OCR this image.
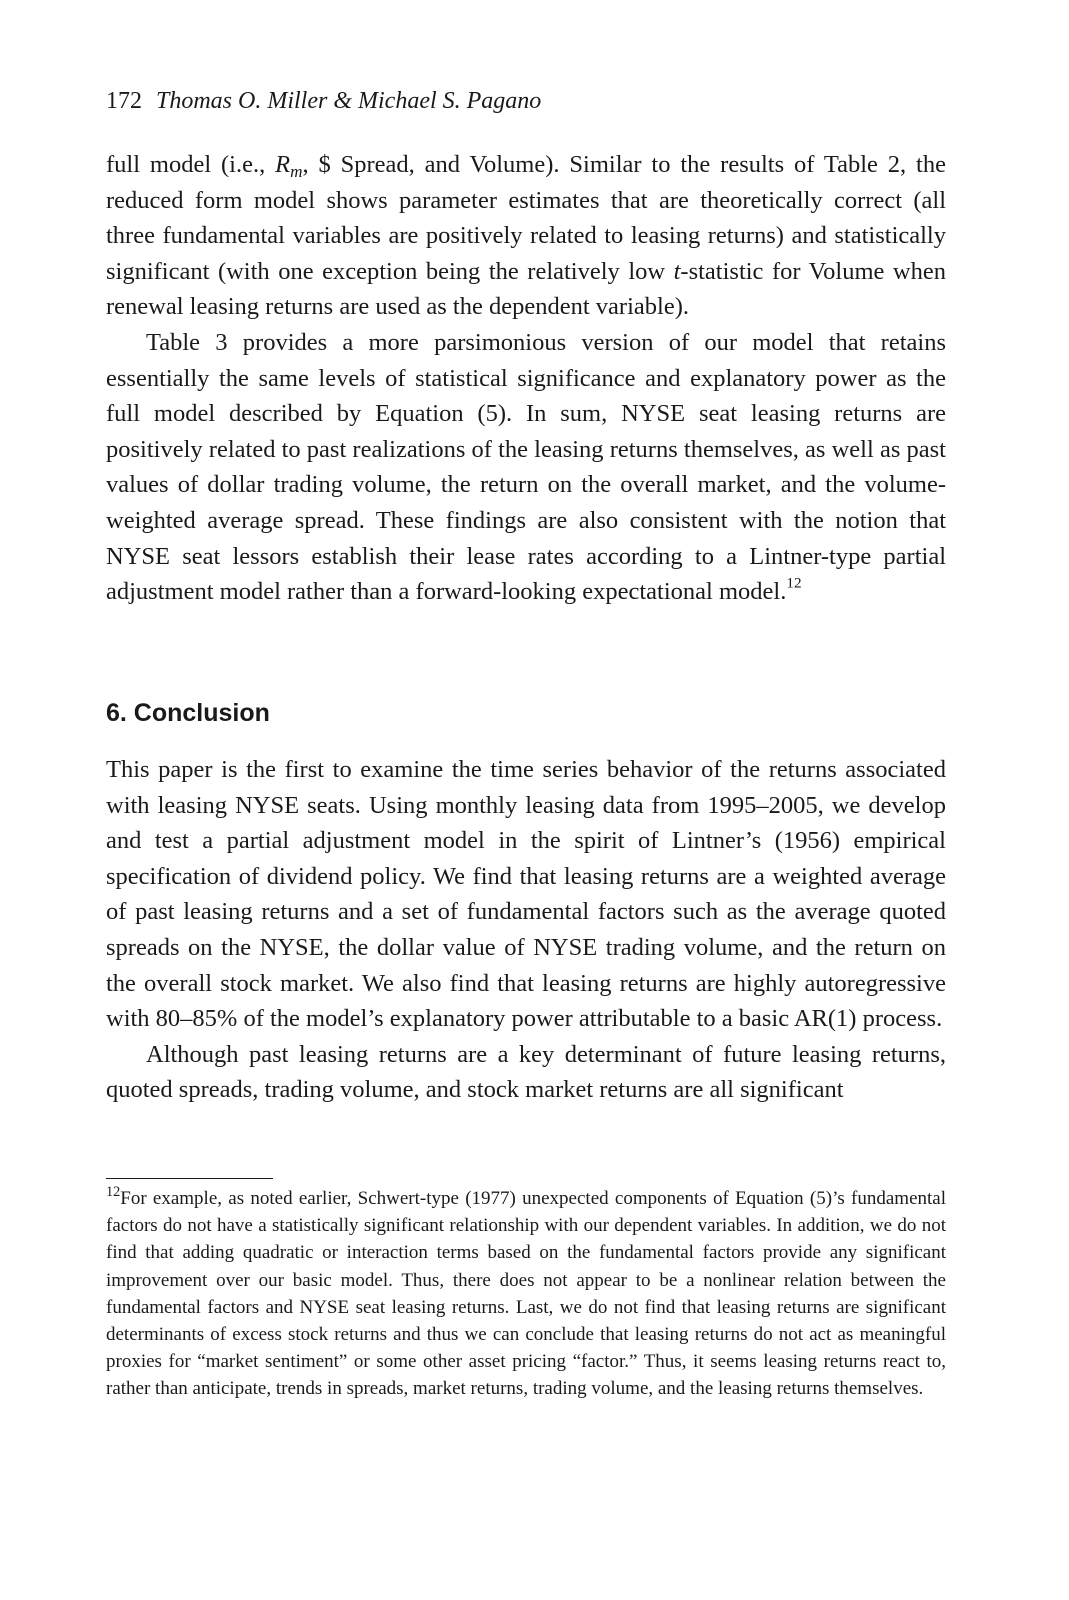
172 Thomas O. Miller & Michael S. Pagano

full model (i.e., $R_m$, $ Spread, and Volume). Similar to the results of Table 2, the reduced form model shows parameter estimates that are theoretically correct (all three fundamental variables are positively related to leasing returns) and statistically significant (with one exception being the relatively low t-statistic for Volume when renewal leasing returns are used as the dependent variable).

Table 3 provides a more parsimonious version of our model that retains essentially the same levels of statistical significance and explanatory power as the full model described by Equation (5). In sum, NYSE seat leasing returns are positively related to past realizations of the leasing returns themselves, as well as past values of dollar trading volume, the return on the overall market, and the volume-weighted average spread. These findings are also consistent with the notion that NYSE seat lessors establish their lease rates according to a Lintner-type partial adjustment model rather than a forward-looking expectational model.$^{12}$

6. Conclusion

This paper is the first to examine the time series behavior of the returns associated with leasing NYSE seats. Using monthly leasing data from 1995–2005, we develop and test a partial adjustment model in the spirit of Lintner’s (1956) empirical specification of dividend policy. We find that leasing returns are a weighted average of past leasing returns and a set of fundamental factors such as the average quoted spreads on the NYSE, the dollar value of NYSE trading volume, and the return on the overall stock market. We also find that leasing returns are highly autoregressive with 80–85% of the model’s explanatory power attributable to a basic AR(1) process.

Although past leasing returns are a key determinant of future leasing returns, quoted spreads, trading volume, and stock market returns are all significant

$^{12}$For example, as noted earlier, Schwert-type (1977) unexpected components of Equation (5)’s fundamental factors do not have a statistically significant relationship with our dependent variables. In addition, we do not find that adding quadratic or interaction terms based on the fundamental factors provide any significant improvement over our basic model. Thus, there does not appear to be a nonlinear relation between the fundamental factors and NYSE seat leasing returns. Last, we do not find that leasing returns are significant determinants of excess stock returns and thus we can conclude that leasing returns do not act as meaningful proxies for “market sentiment” or some other asset pricing “factor.” Thus, it seems leasing returns react to, rather than anticipate, trends in spreads, market returns, trading volume, and the leasing returns themselves.
